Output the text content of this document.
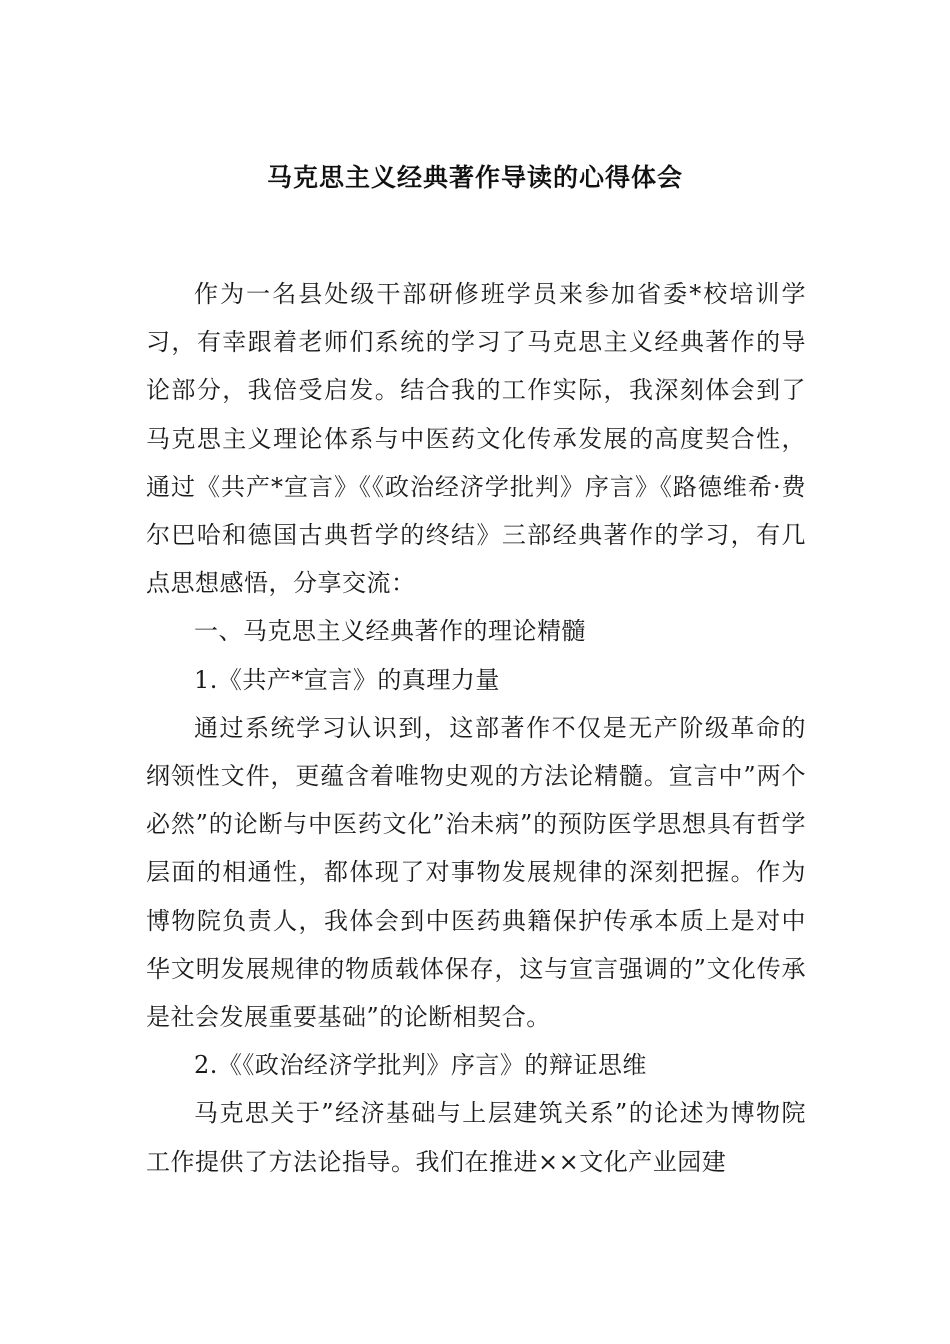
马克思主义经典著作导读的心得体会

作为一名县处级干部研修班学员来参加省委*校培训学习，有幸跟着老师们系统的学习了马克思主义经典著作的导论部分，我倍受启发。结合我的工作实际，我深刻体会到了马克思主义理论体系与中医药文化传承发展的高度契合性，通过《共产*宣言》《《政治经济学批判》序言》《路德维希·费尔巴哈和德国古典哲学的终结》三部经典著作的学习，有几点思想感悟，分享交流：

一、马克思主义经典著作的理论精髓

1.《共产*宣言》的真理力量

通过系统学习认识到，这部著作不仅是无产阶级革命的纲领性文件，更蕴含着唯物史观的方法论精髓。宣言中”两个必然”的论断与中医药文化”治未病”的预防医学思想具有哲学层面的相通性，都体现了对事物发展规律的深刻把握。作为博物院负责人，我体会到中医药典籍保护传承本质上是对中华文明发展规律的物质载体保存，这与宣言强调的”文化传承是社会发展重要基础”的论断相契合。

2.《《政治经济学批判》序言》的辩证思维

马克思关于”经济基础与上层建筑关系”的论述为博物院工作提供了方法论指导。我们在推进××文化产业园建
